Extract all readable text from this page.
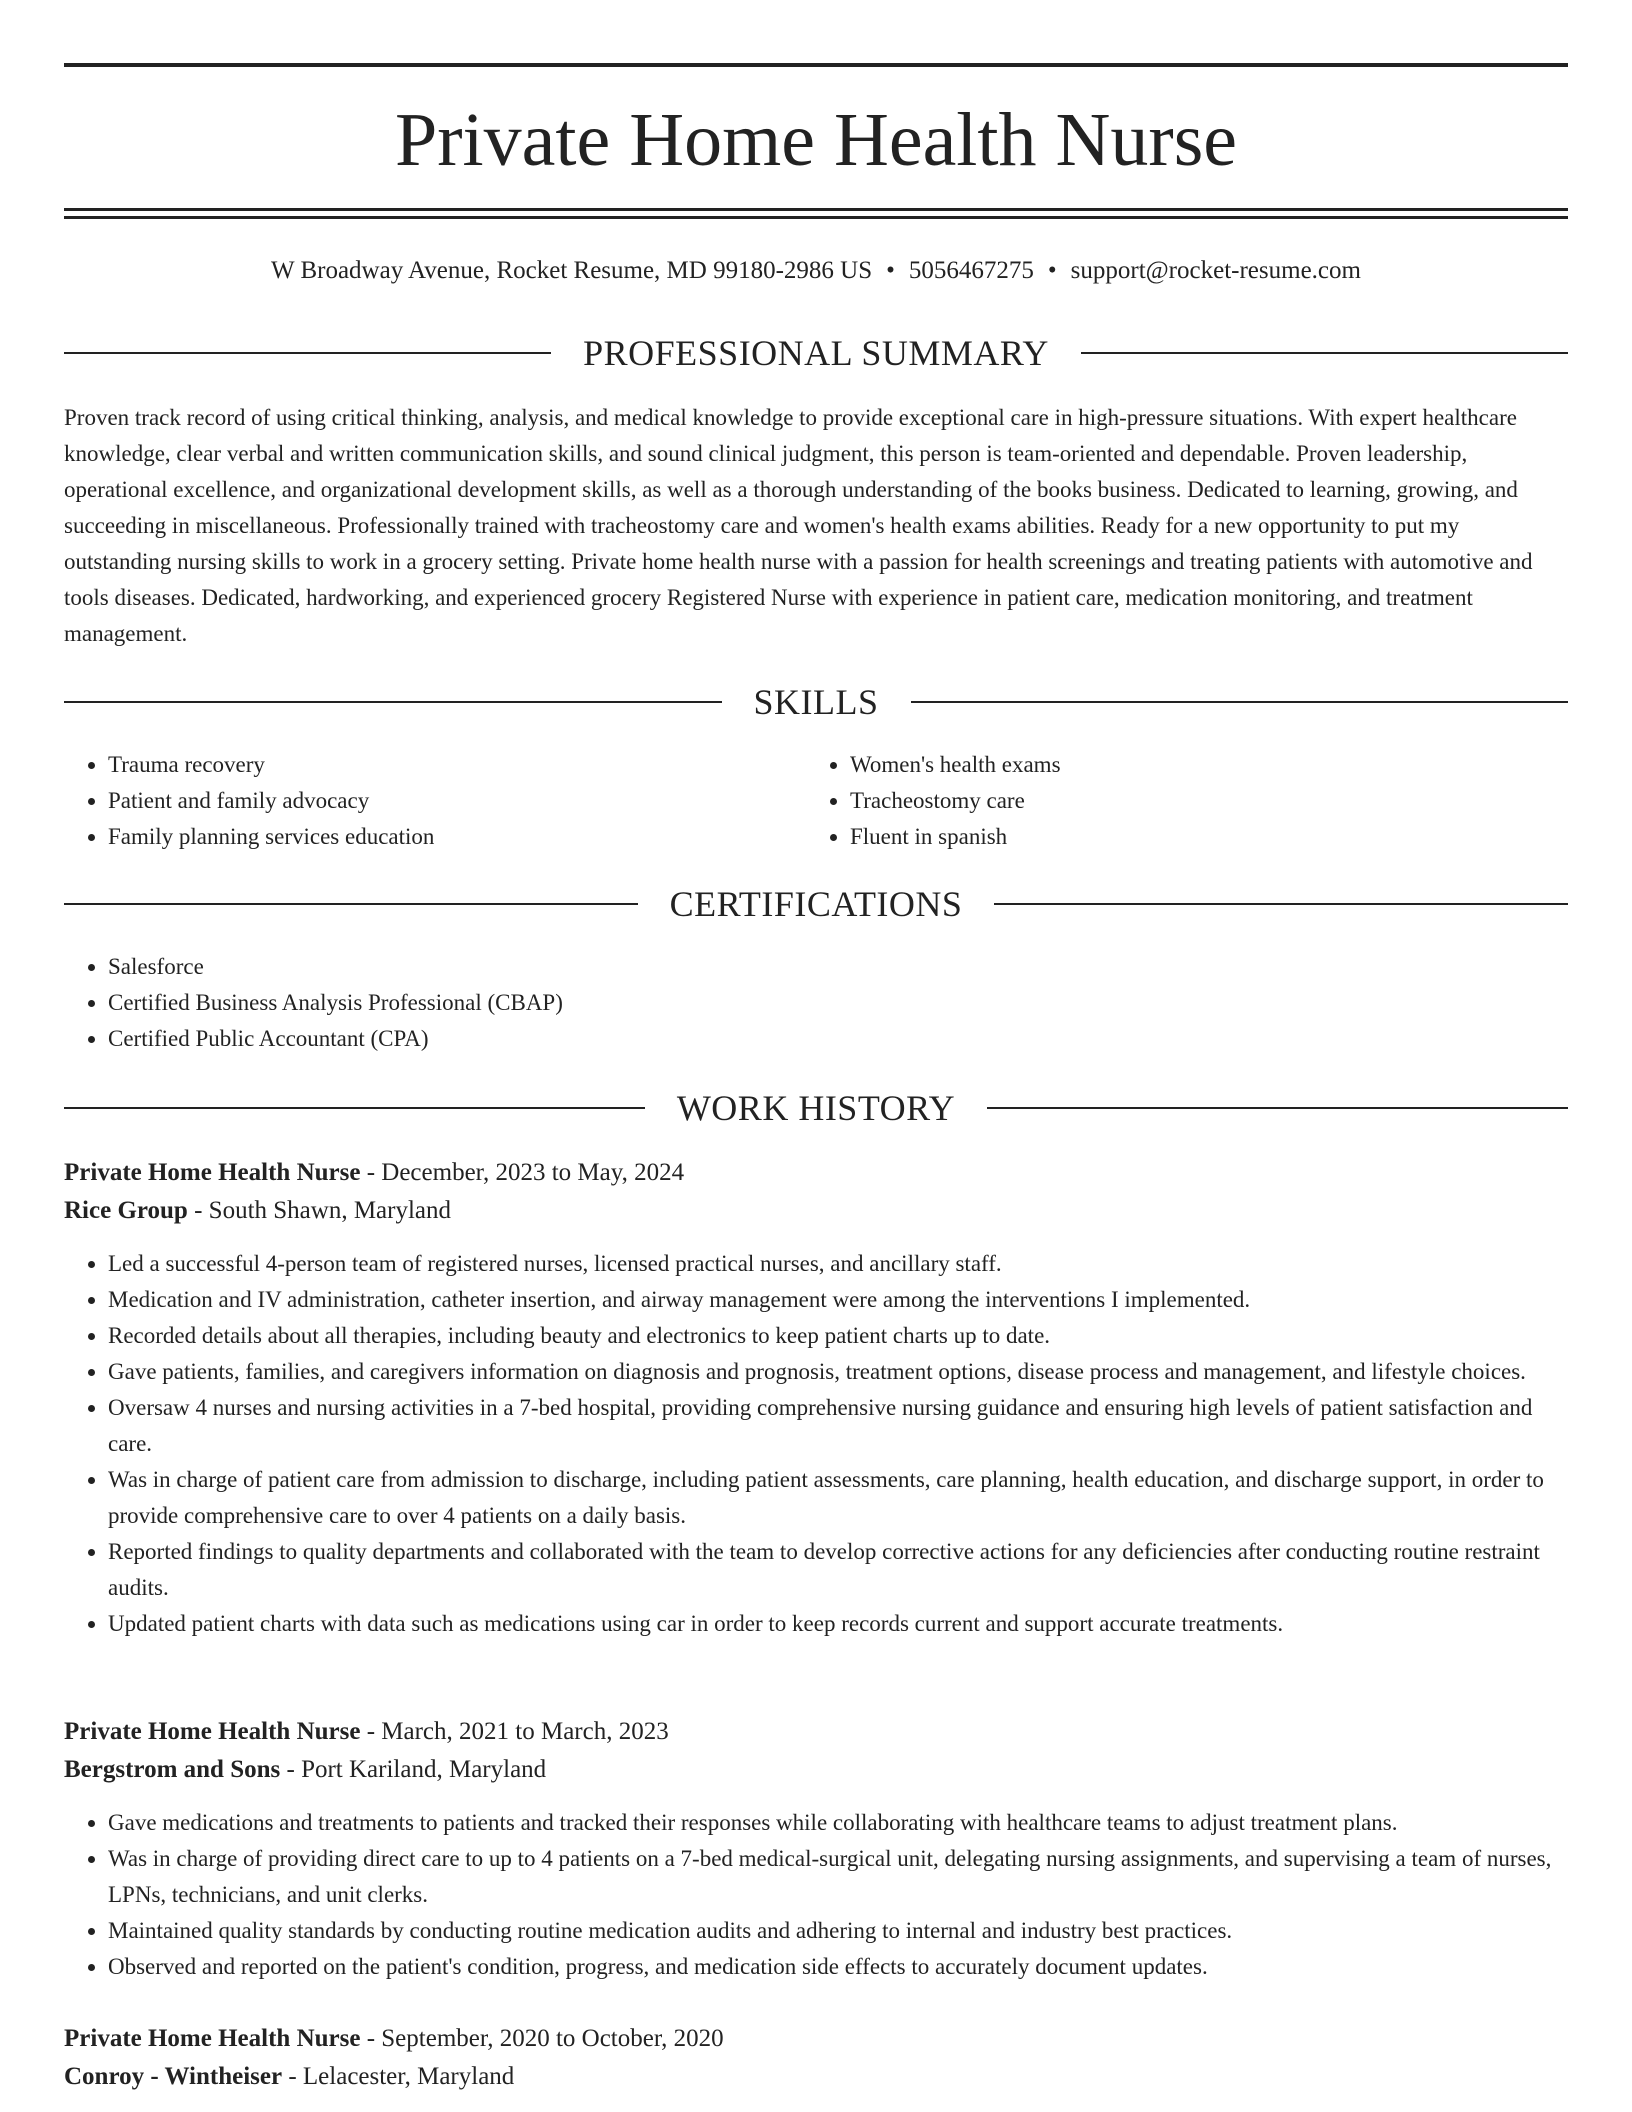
Private Home Health Nurse
W Broadway Avenue, Rocket Resume, MD 99180-2986 US • 5056467275 • support@rocket-resume.com
PROFESSIONAL SUMMARY

Proven track record of using critical thinking, analysis, and medical knowledge to provide exceptional care in high-pressure situations. With expert healthcare knowledge, clear verbal and written communication skills, and sound clinical judgment, this person is team-oriented and dependable. Proven leadership, operational excellence, and organizational development skills, as well as a thorough understanding of the books business. Dedicated to learning, growing, and succeeding in miscellaneous. Professionally trained with tracheostomy care and women's health exams abilities. Ready for a new opportunity to put my outstanding nursing skills to work in a grocery setting. Private home health nurse with a passion for health screenings and treating patients with automotive and tools diseases. Dedicated, hardworking, and experienced grocery Registered Nurse with experience in patient care, medication monitoring, and treatment management.

SKILLS
• Trauma recovery
• Patient and family advocacy
• Family planning services education
• Women's health exams
• Tracheostomy care
• Fluent in spanish
CERTIFICATIONS
• Salesforce
• Certified Business Analysis Professional (CBAP)
• Certified Public Accountant (CPA)
WORK HISTORY
Private Home Health Nurse - December, 2023 to May, 2024
Rice Group - South Shawn, Maryland
• Led a successful 4-person team of registered nurses, licensed practical nurses, and ancillary staff.
• Medication and IV administration, catheter insertion, and airway management were among the interventions I implemented.
• Recorded details about all therapies, including beauty and electronics to keep patient charts up to date.
• Gave patients, families, and caregivers information on diagnosis and prognosis, treatment options, disease process and management, and lifestyle choices.
• Oversaw 4 nurses and nursing activities in a 7-bed hospital, providing comprehensive nursing guidance and ensuring high levels of patient satisfaction and care.
• Was in charge of patient care from admission to discharge, including patient assessments, care planning, health education, and discharge support, in order to provide comprehensive care to over 4 patients on a daily basis.
• Reported findings to quality departments and collaborated with the team to develop corrective actions for any deficiencies after conducting routine restraint audits.
• Updated patient charts with data such as medications using car in order to keep records current and support accurate treatments.
Private Home Health Nurse - March, 2021 to March, 2023
Bergstrom and Sons - Port Kariland, Maryland
• Gave medications and treatments to patients and tracked their responses while collaborating with healthcare teams to adjust treatment plans.
• Was in charge of providing direct care to up to 4 patients on a 7-bed medical-surgical unit, delegating nursing assignments, and supervising a team of nurses, LPNs, technicians, and unit clerks.
• Maintained quality standards by conducting routine medication audits and adhering to internal and industry best practices.
• Observed and reported on the patient's condition, progress, and medication side effects to accurately document updates.
Private Home Health Nurse - September, 2020 to October, 2020
Conroy - Wintheiser - Lelacester, Maryland
